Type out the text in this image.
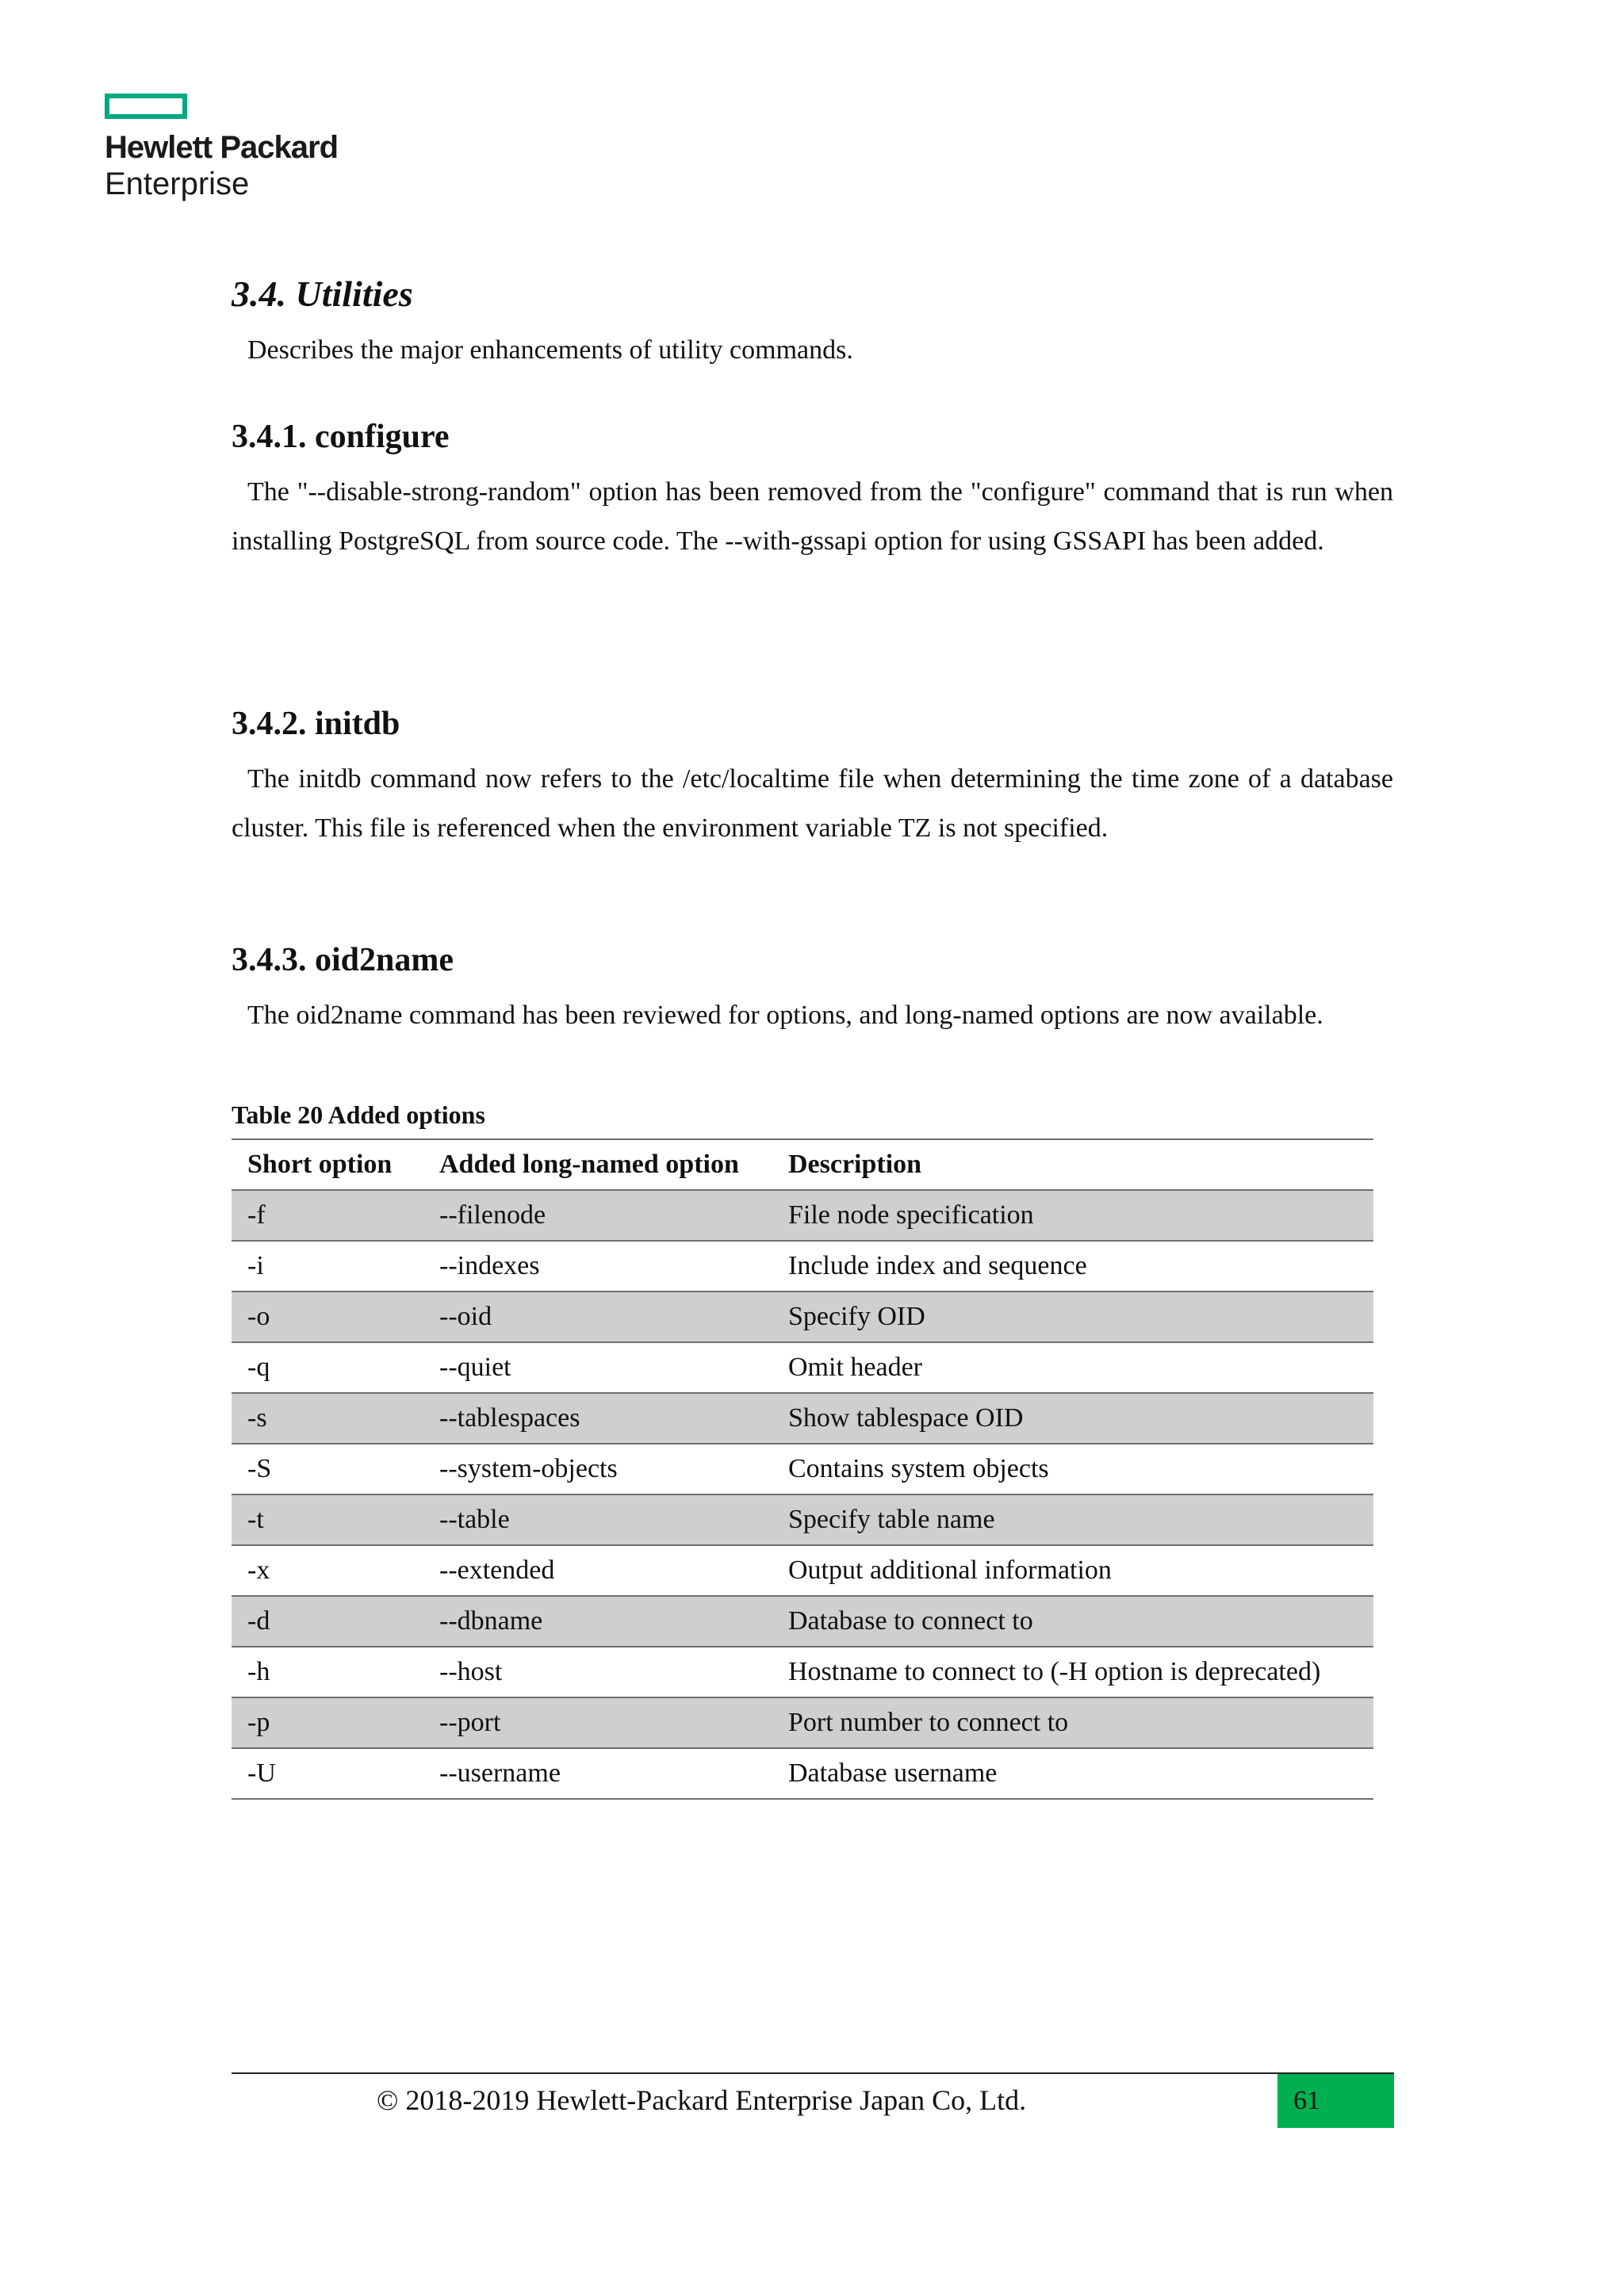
Hewlett Packard
Enterprise
3.4. Utilities

Describes the major enhancements of utility commands.

3.4.1. configure

The "--disable-strong-random" option has been removed from the "configure" command that is run when installing PostgreSQL from source code. The --with-gssapi option for using GSSAPI has been added.

3.4.2. initdb

The initdb command now refers to the /etc/localtime file when determining the time zone of a database cluster. This file is referenced when the environment variable TZ is not specified.

3.4.3. oid2name

The oid2name command has been reviewed for options, and long-named options are now available.

Table 20 Added options

Short option	Added long-named option	Description
-f	--filenode	File node specification
-i	--indexes	Include index and sequence
-o	--oid	Specify OID
-q	--quiet	Omit header
-s	--tablespaces	Show tablespace OID
-S	--system-objects	Contains system objects
-t	--table	Specify table name
-x	--extended	Output additional information
-d	--dbname	Database to connect to
-h	--host	Hostname to connect to (-H option is deprecated)
-p	--port	Port number to connect to
-U	--username	Database username
© 2018-2019 Hewlett-Packard Enterprise Japan Co, Ltd.	61
